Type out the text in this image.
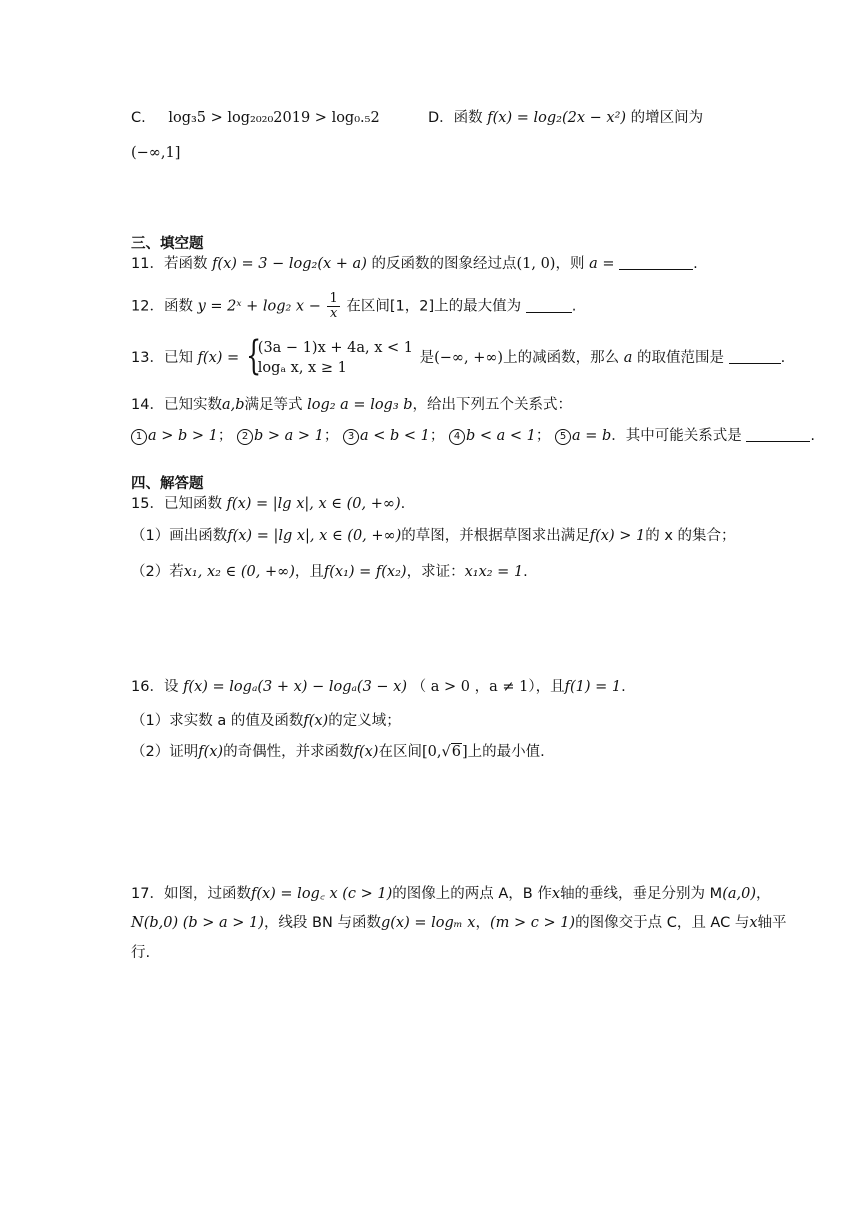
C. log₃5 > log₂₀₂₀2019 > log₀.₅2	D．函数 f(x) = log₂(2x − x²) 的增区间为
(−∞,1]
三、填空题
11．若函数 f(x) = 3 − log₂(x + a) 的反函数的图象经过点(1, 0)，则 a =	.
12．函数 y = 2ˣ + log₂ $x - \frac{1}{x}$ 在区间[1，2]上的最大值为	.
13．已知 f(x) = {
(3a − 1)x + 4a, x < 1
logₐ x, x ≥ 1
是(−∞, +∞)上的减函数，那么 a 的取值范围是	.
14．已知实数a,b满足等式 log₂ a = log₃ b，给出下列五个关系式：
1 a > b > 1； 2 b > a > 1； 3 a < b < 1； 4 b < a < 1； 5 a = b．其中可能关系式是	.
四、解答题
15．已知函数 f(x) = |lg x|, x ∈ (0, +∞).
（1）画出函数f(x) = |lg x|, x ∈ (0, +∞)的草图，并根据草图求出满足f(x) > 1的 x 的集合；
（2）若x₁, x₂ ∈ (0, +∞)，且f(x₁) = f(x₂)，求证：x₁x₂ = 1.
16．设 f(x) = logₐ(3 + x) − logₐ(3 − x) （ a > 0 ，a ≠ 1），且f(1) = 1.
（1）求实数 a 的值及函数f(x)的定义域；
（2）证明f(x)的奇偶性，并求函数f(x)在区间[0,√6]上的最小值.
17．如图，过函数f(x) = log꜀ x (c > 1)的图像上的两点 A，B 作x轴的垂线，垂足分别为 M(a,0)，
N(b,0) (b > a > 1)，线段 BN 与函数g(x) = logₘ x，(m > c > 1)的图像交于点 C，且 AC 与x轴平
行.
